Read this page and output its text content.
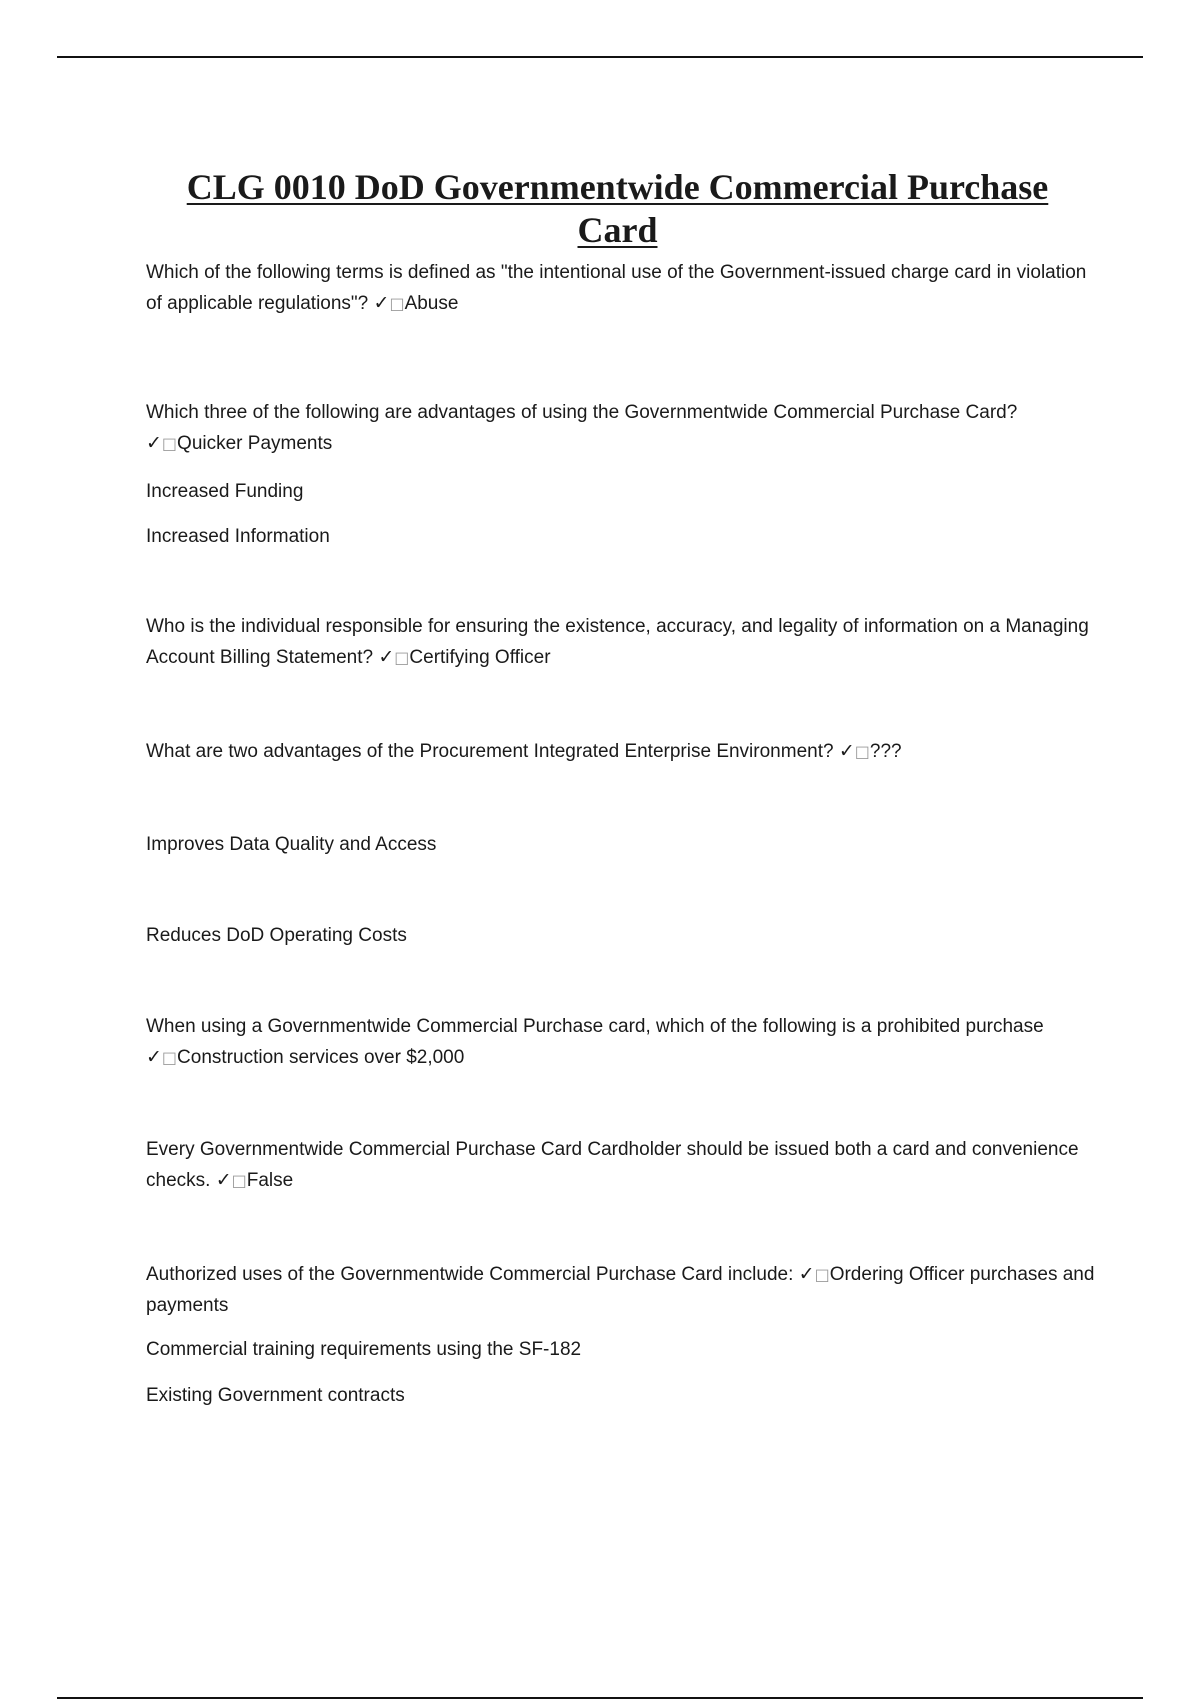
CLG 0010 DoD Governmentwide Commercial Purchase Card

Which of the following terms is defined as "the intentional use of the Government-issued charge card in violation of applicable regulations"? ✓□Abuse

Which three of the following are advantages of using the Governmentwide Commercial Purchase Card? ✓□Quicker Payments

Increased Funding

Increased Information

Who is the individual responsible for ensuring the existence, accuracy, and legality of information on a Managing Account Billing Statement? ✓□Certifying Officer

What are two advantages of the Procurement Integrated Enterprise Environment? ✓□???

Improves Data Quality and Access

Reduces DoD Operating Costs

When using a Governmentwide Commercial Purchase card, which of the following is a prohibited purchase ✓□Construction services over $2,000

Every Governmentwide Commercial Purchase Card Cardholder should be issued both a card and convenience checks. ✓□False

Authorized uses of the Governmentwide Commercial Purchase Card include: ✓□Ordering Officer purchases and payments

Commercial training requirements using the SF-182

Existing Government contracts
